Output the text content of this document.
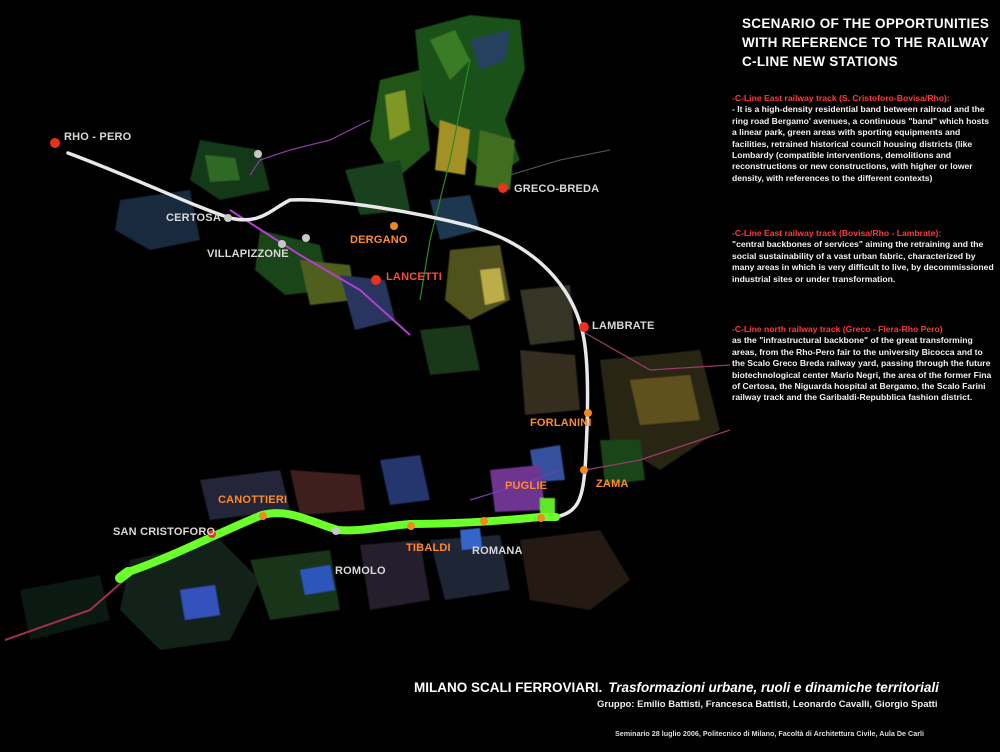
RHO - PERO
CERTOSA
VILLAPIZZONE
DERGANO
LANCETTI
GRECO-BREDA
LAMBRATE
FORLANINI
PUGLIE	ZAMA
CANOTTIERI
SAN CRISTOFORO
ROMOLO
TIBALDI ROMANA
SCENARIO OF THE OPPORTUNITIES
WITH REFERENCE TO THE RAILWAY
C-LINE NEW STATIONS
-C-Line East railway track (S. Cristoforo-Bovisa/Rho):
- It is a high-density residential band between railroad and the ring road Bergamo' avenues, a continuous "band" which hosts a linear park, green areas with sporting equipments and facilities, retrained historical council housing districts (like Lombardy (compatible interventions, demolitions and reconstructions or new constructions, with higher or lower density, with references to the different contexts)
-C-Line East railway track (Bovisa/Rho - Lambrate):
"central backbones of services" aiming the retraining and the social sustainability of a vast urban fabric, characterized by many areas in which is very difficult to live, by decommissioned industrial sites or under transformation.
-C-Line north railway track (Greco - Fiera-Rho Pero)
as the "infrastructural backbone" of the great transforming areas, from the Rho-Pero fair to the university Bicocca and to the Scalo Greco Breda railway yard, passing through the future biotechnological center Mario Negri, the area of the former Fina of Certosa, the Niguarda hospital at Bergamo, the Scalo Farini railway track and the Garibaldi-Repubblica fashion district.
MILANO SCALI FERROVIARI. Trasformazioni urbane, ruoli e dinamiche territoriali
Gruppo: Emilio Battisti, Francesca Battisti, Leonardo Cavalli, Giorgio Spatti
Seminario 28 luglio 2006, Politecnico di Milano, Facoltà di Architettura Civile, Aula De Carli
